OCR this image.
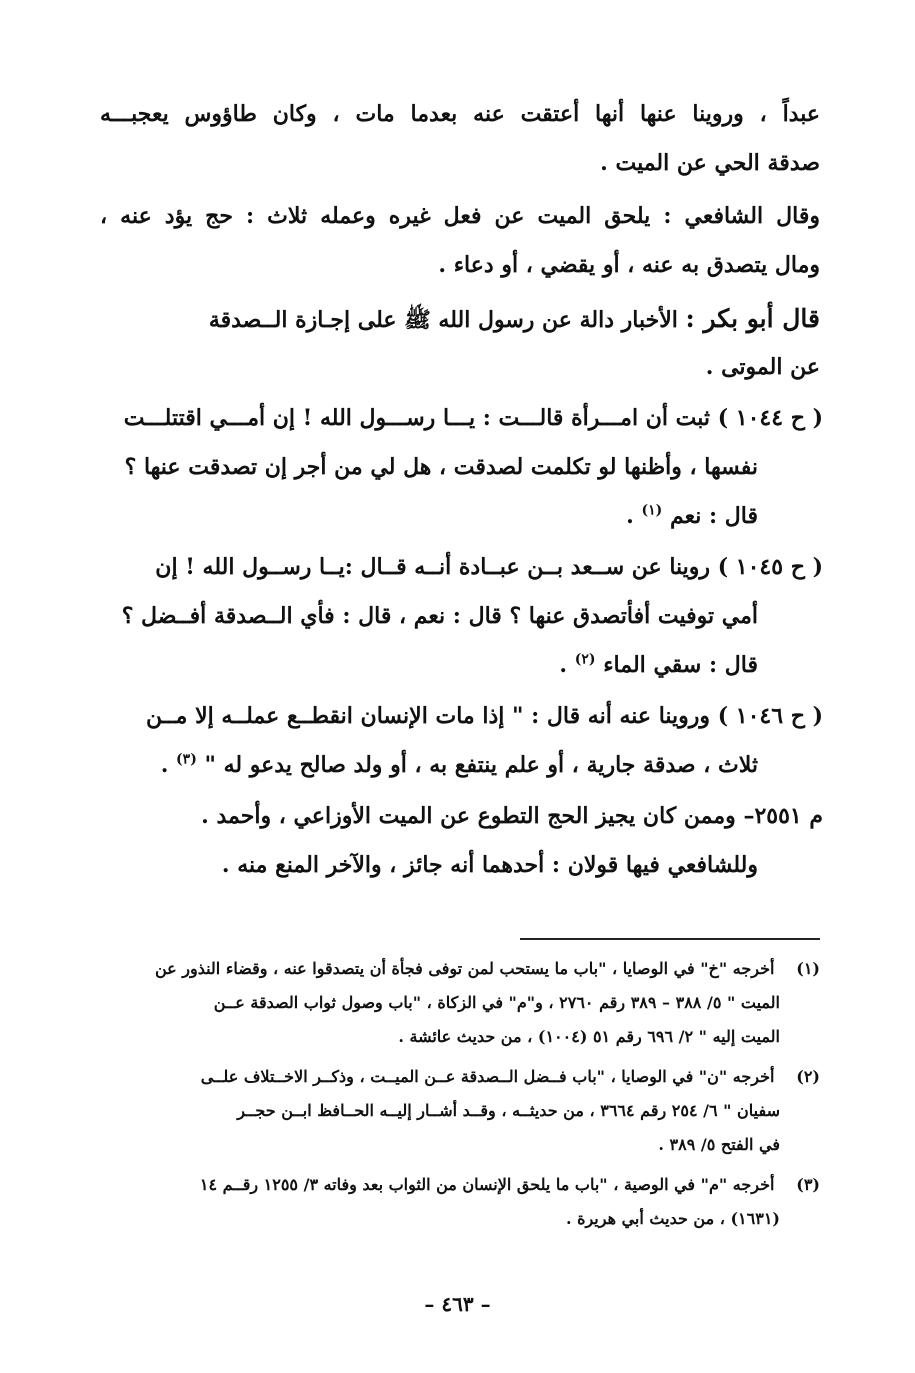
عبداً ، وروينا عنها أنها أعتقت عنه بعدما مات ، وكان طاؤوس يعجبـــه
صدقة الحي عن الميت .
وقال الشافعي : يلحق الميت عن فعل غيره وعمله ثلاث : حج يؤد عنه ،
ومال يتصدق به عنه ، أو يقضي ، أو دعاء .
قال أبو بكر : الأخبار دالة عن رسول الله ﷺ على إجـازة الــصدقة
عن الموتى .
( ح ١٠٤٤ ) ثبت أن امـــرأة قالـــت : يـــا رســـول الله ! إن أمـــي اقتتلـــت
نفسها ، وأظنها لو تكلمت لصدقت ، هل لي من أجر إن تصدقت عنها ؟
قال : نعم $^{(١)}$ .
( ح ١٠٤٥ ) روينا عن ســعد بــن عبــادة أنــه قــال :يــا رســول الله ! إن
أمي توفيت أفأتصدق عنها ؟ قال : نعم ، قال : فأي الــصدقة أفــضل ؟
قال : سقي الماء $^{(٢)}$ .
( ح ١٠٤٦ ) وروينا عنه أنه قال : " إذا مات الإنسان انقطــع عملــه إلا مــن
ثلاث ، صدقة جارية ، أو علم ينتفع به ، أو ولد صالح يدعو له " $^{(٣)}$ .
م ٢٥٥١– وممن كان يجيز الحج التطوع عن الميت الأوزاعي ، وأحمد .
وللشافعي فيها قولان : أحدهما أنه جائز ، والآخر المنع منه .
(١) أخرجه "خ" في الوصايا ، "باب ما يستحب لمن توفى فجأة أن يتصدقوا عنه ، وقضاء النذور عن
الميت " ٥/ ٣٨٨ – ٣٨٩ رقم ٢٧٦٠ ، و"م" في الزكاة ، "باب وصول ثواب الصدقة عــن
الميت إليه " ٢/ ٦٩٦ رقم ٥١ (١٠٠٤) ، من حديث عائشة .
(٢) أخرجه "ن" في الوصايا ، "باب فــضل الــصدقة عــن الميــت ، وذكــر الاخــتلاف علــى
سفيان " ٦/ ٢٥٤ رقم ٣٦٦٤ ، من حديثــه ، وقــد أشــار إليــه الحــافظ ابــن حجــر
في الفتح ٥/ ٣٨٩ .
(٣) أخرجه "م" في الوصية ، "باب ما يلحق الإنسان من الثواب بعد وفاته ٣/ ١٢٥٥ رقــم ١٤
(١٦٣١) ، من حديث أبي هريرة .
– ٤٦٣ –
